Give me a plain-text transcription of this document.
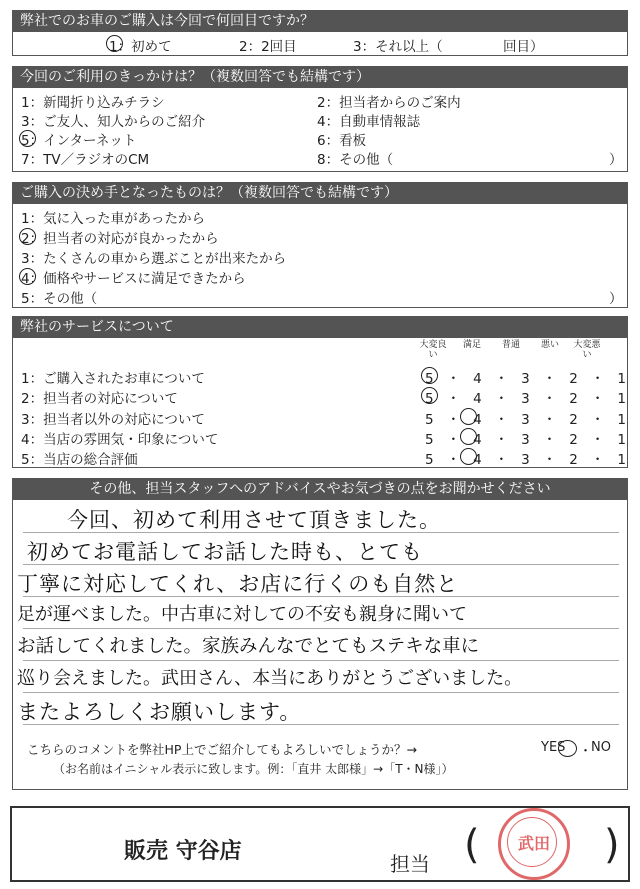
弊社でのお車のご購入は今回で何回目ですか？
1：初めて	2：2回目	3：それ以上（	回目）
今回のご利用のきっかけは？（複数回答でも結構です）
1：新聞折り込みチラシ	2：担当者からのご案内
3：ご友人、知人からのご紹介	4：自動車情報誌
5：インターネット	6：看板
7：TV／ラジオのCM	8：その他（	）
ご購入の決め手となったものは？（複数回答でも結構です）
1：気に入った車があったから
2：担当者の対応が良かったから
3：たくさんの車から選ぶことが出来たから
4：価格やサービスに満足できたから
5：その他（	）
弊社のサービスについて
大変良い
満足	普通	悪い	大変悪い
1：ご購入されたお車について	5・4・3・2・1
2：担当者の対応について	5・4・3・2・1
3：担当者以外の対応について	5・4・3・2・1
4：当店の雰囲気・印象について	5・4・3・2・1
5：当店の総合評価	5・4・3・2・1
その他、担当スタッフへのアドバイスやお気づきの点をお聞かせください
今回、初めて利用させて頂きました。
初めてお電話してお話した時も、とても
丁寧に対応してくれ、お店に行くのも自然と
足が運べました。中古車に対しての不安も親身に聞いて
お話してくれました。家族みんなでとてもステキな車に
巡り会えました。武田さん、本当にありがとうございました。
またよろしくお願いします。
こちらのコメントを弊社HP上でご紹介してもよろしいでしょうか？→	YES ・
NO
（お名前はイニシャル表示に致します。例：「直井 太郎様」→「T・N様」）
販売 守谷店	担当 (	)
武田
